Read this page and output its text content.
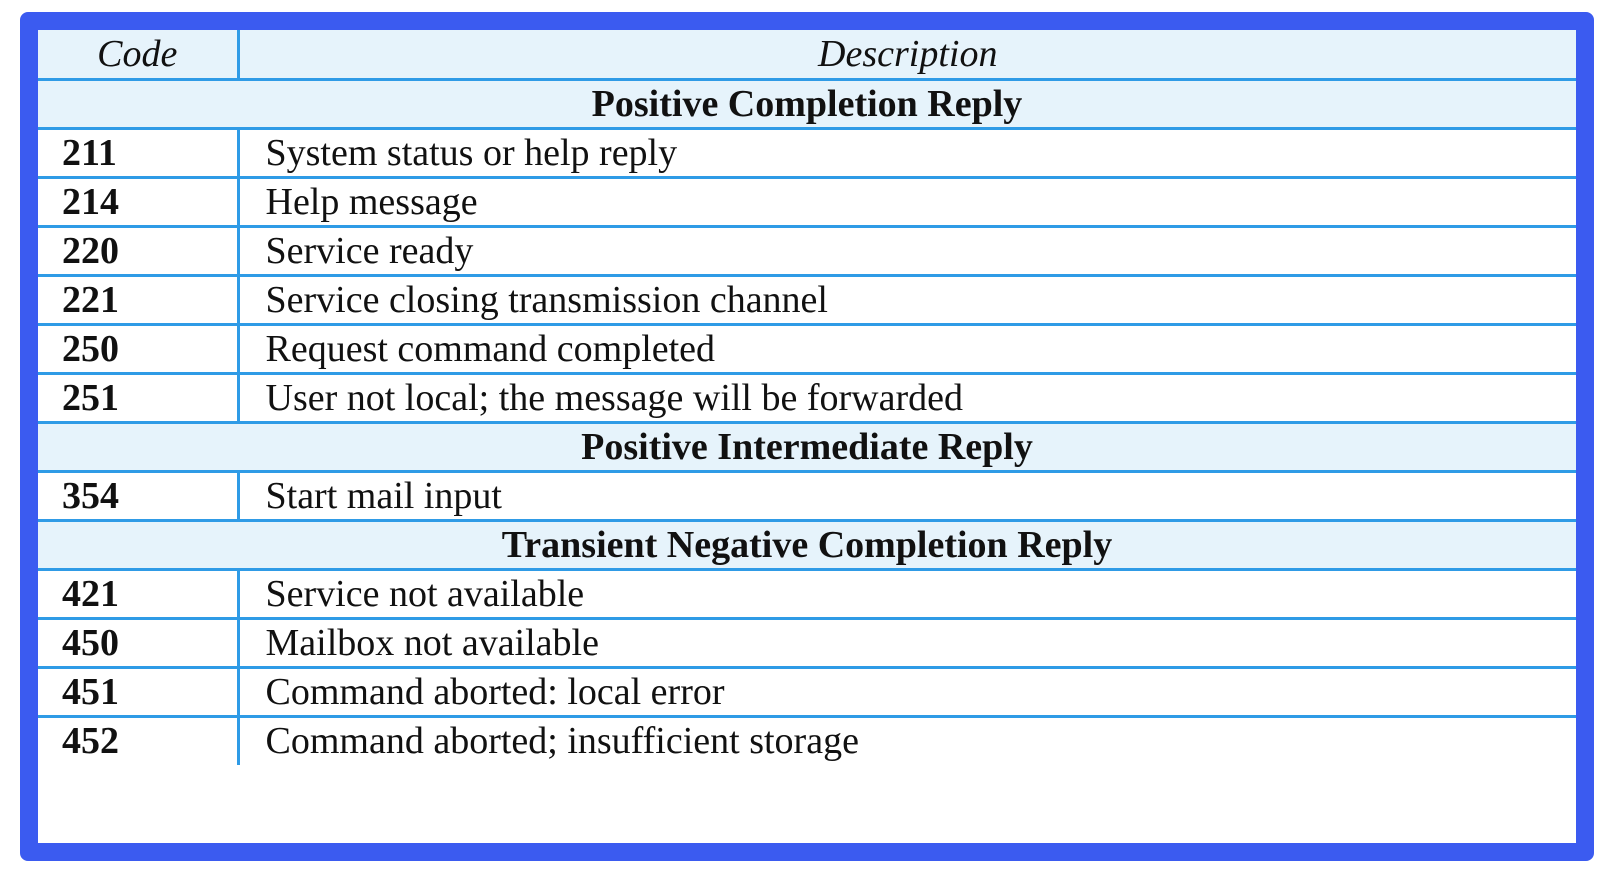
Code	Description
Positive Completion Reply	
211	System status or help reply
214	Help message
220	Service ready
221	Service closing transmission channel
250	Request command completed
251	User not local; the message will be forwarded
Positive Intermediate Reply	
354	Start mail input
Transient Negative Completion Reply	
421	Service not available
450	Mailbox not available
451	Command aborted: local error
452	Command aborted; insufficient storage
